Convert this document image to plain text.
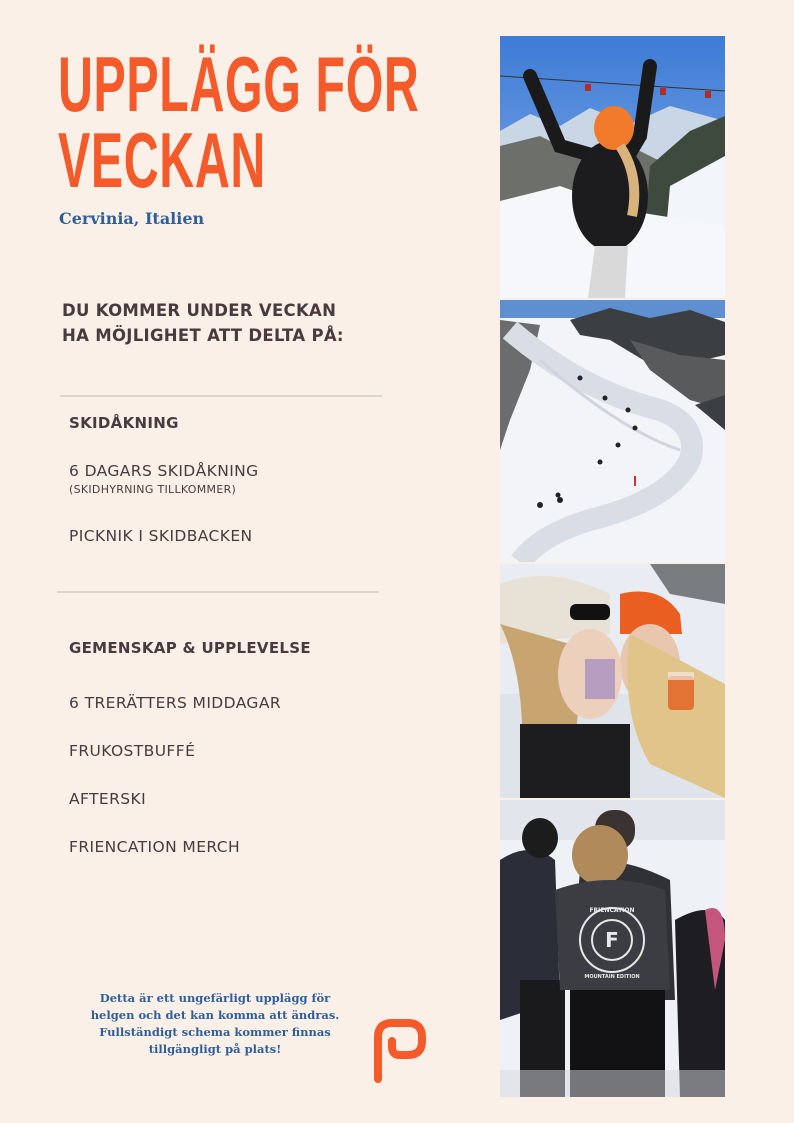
UPPLÄGG FÖR
VECKAN
Cervinia, Italien
DU KOMMER UNDER VECKAN
HA MÖJLIGHET ATT DELTA PÅ:
SKIDÅKNING
6 DAGARS SKIDÅKNING
(SKIDHYRNING TILLKOMMER)
PICKNIK I SKIDBACKEN
GEMENSKAP & UPPLEVELSE
6 TRERÄTTERS MIDDAGAR
FRUKOSTBUFFÉ
AFTERSKI
FRIENCATION MERCH
Detta är ett ungefärligt upplägg för
helgen och det kan komma att ändras.
Fullständigt schema kommer finnas
tillgängligt på plats!
F
FRIENCATION
MOUNTAIN EDITION
